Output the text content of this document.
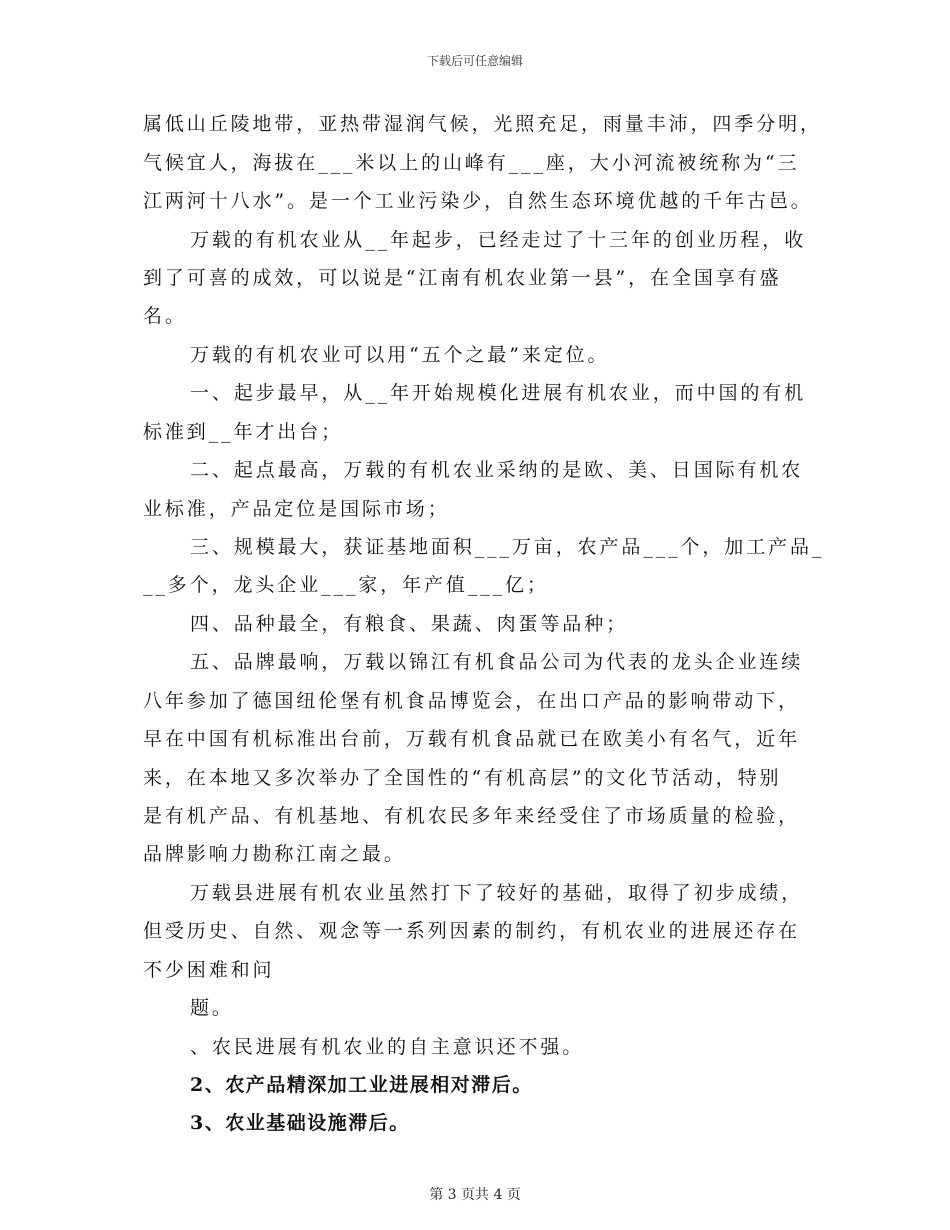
下载后可任意编辑
属低山丘陵地带，亚热带湿润气候，光照充足，雨量丰沛，四季分明，
气候宜人，海拔在___米以上的山峰有___座，大小河流被统称为“三
江两河十八水”。是一个工业污染少，自然生态环境优越的千年古邑。
万载的有机农业从__年起步，已经走过了十三年的创业历程，收
到了可喜的成效，可以说是“江南有机农业第一县”，在全国享有盛
名。
万载的有机农业可以用“五个之最”来定位。
一、起步最早，从__年开始规模化进展有机农业，而中国的有机
标准到__年才出台；
二、起点最高，万载的有机农业采纳的是欧、美、日国际有机农
业标准，产品定位是国际市场；
三、规模最大，获证基地面积___万亩，农产品___个，加工产品_
__多个，龙头企业___家，年产值___亿；
四、品种最全，有粮食、果蔬、肉蛋等品种；
五、品牌最响，万载以锦江有机食品公司为代表的龙头企业连续
八年参加了德国纽伦堡有机食品博览会，在出口产品的影响带动下，
早在中国有机标准出台前，万载有机食品就已在欧美小有名气，近年
来，在本地又多次举办了全国性的“有机高层”的文化节活动，特别
是有机产品、有机基地、有机农民多年来经受住了市场质量的检验，
品牌影响力勘称江南之最。
万载县进展有机农业虽然打下了较好的基础，取得了初步成绩，
但受历史、自然、观念等一系列因素的制约，有机农业的进展还存在
不少困难和问
题。
、农民进展有机农业的自主意识还不强。
2、农产品精深加工业进展相对滞后。
3、农业基础设施滞后。
第 3 页共 4 页
